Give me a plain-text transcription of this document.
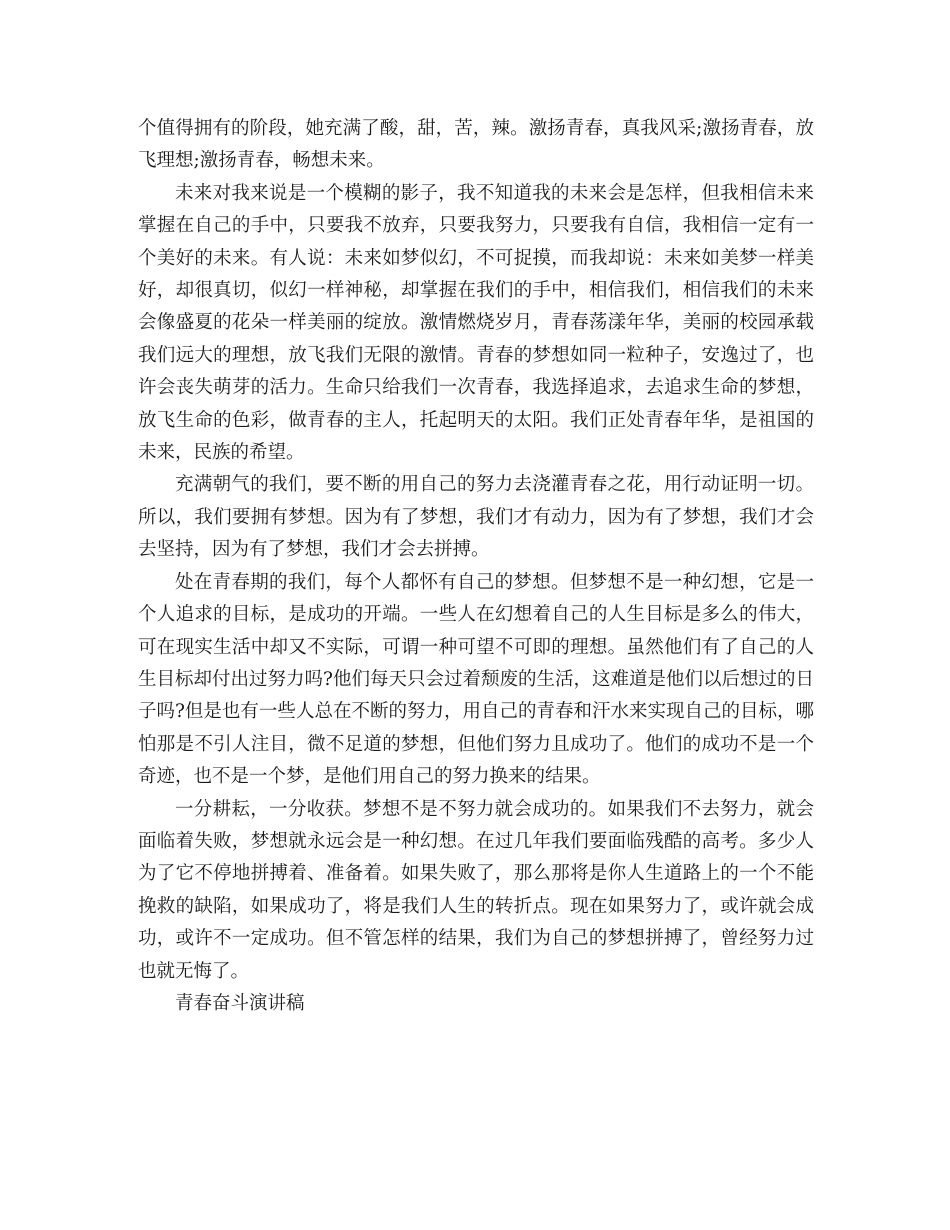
个值得拥有的阶段，她充满了酸，甜，苦，辣。激扬青春，真我风采;激扬青春，放飞理想;激扬青春，畅想未来。

未来对我来说是一个模糊的影子，我不知道我的未来会是怎样，但我相信未来掌握在自己的手中，只要我不放弃，只要我努力，只要我有自信，我相信一定有一个美好的未来。有人说：未来如梦似幻，不可捉摸，而我却说：未来如美梦一样美好，却很真切，似幻一样神秘，却掌握在我们的手中，相信我们，相信我们的未来会像盛夏的花朵一样美丽的绽放。激情燃烧岁月，青春荡漾年华，美丽的校园承载我们远大的理想，放飞我们无限的激情。青春的梦想如同一粒种子，安逸过了，也许会丧失萌芽的活力。生命只给我们一次青春，我选择追求，去追求生命的梦想，放飞生命的色彩，做青春的主人，托起明天的太阳。我们正处青春年华，是祖国的未来，民族的希望。

充满朝气的我们，要不断的用自己的努力去浇灌青春之花，用行动证明一切。所以，我们要拥有梦想。因为有了梦想，我们才有动力，因为有了梦想，我们才会去坚持，因为有了梦想，我们才会去拼搏。

处在青春期的我们，每个人都怀有自己的梦想。但梦想不是一种幻想，它是一个人追求的目标，是成功的开端。一些人在幻想着自己的人生目标是多么的伟大，可在现实生活中却又不实际，可谓一种可望不可即的理想。虽然他们有了自己的人生目标却付出过努力吗?他们每天只会过着颓废的生活，这难道是他们以后想过的日子吗?但是也有一些人总在不断的努力，用自己的青春和汗水来实现自己的目标，哪怕那是不引人注目，微不足道的梦想，但他们努力且成功了。他们的成功不是一个奇迹，也不是一个梦，是他们用自己的努力换来的结果。

一分耕耘，一分收获。梦想不是不努力就会成功的。如果我们不去努力，就会面临着失败，梦想就永远会是一种幻想。在过几年我们要面临残酷的高考。多少人为了它不停地拼搏着、准备着。如果失败了，那么那将是你人生道路上的一个不能挽救的缺陷，如果成功了，将是我们人生的转折点。现在如果努力了，或许就会成功，或许不一定成功。但不管怎样的结果，我们为自己的梦想拼搏了，曾经努力过也就无悔了。

青春奋斗演讲稿
